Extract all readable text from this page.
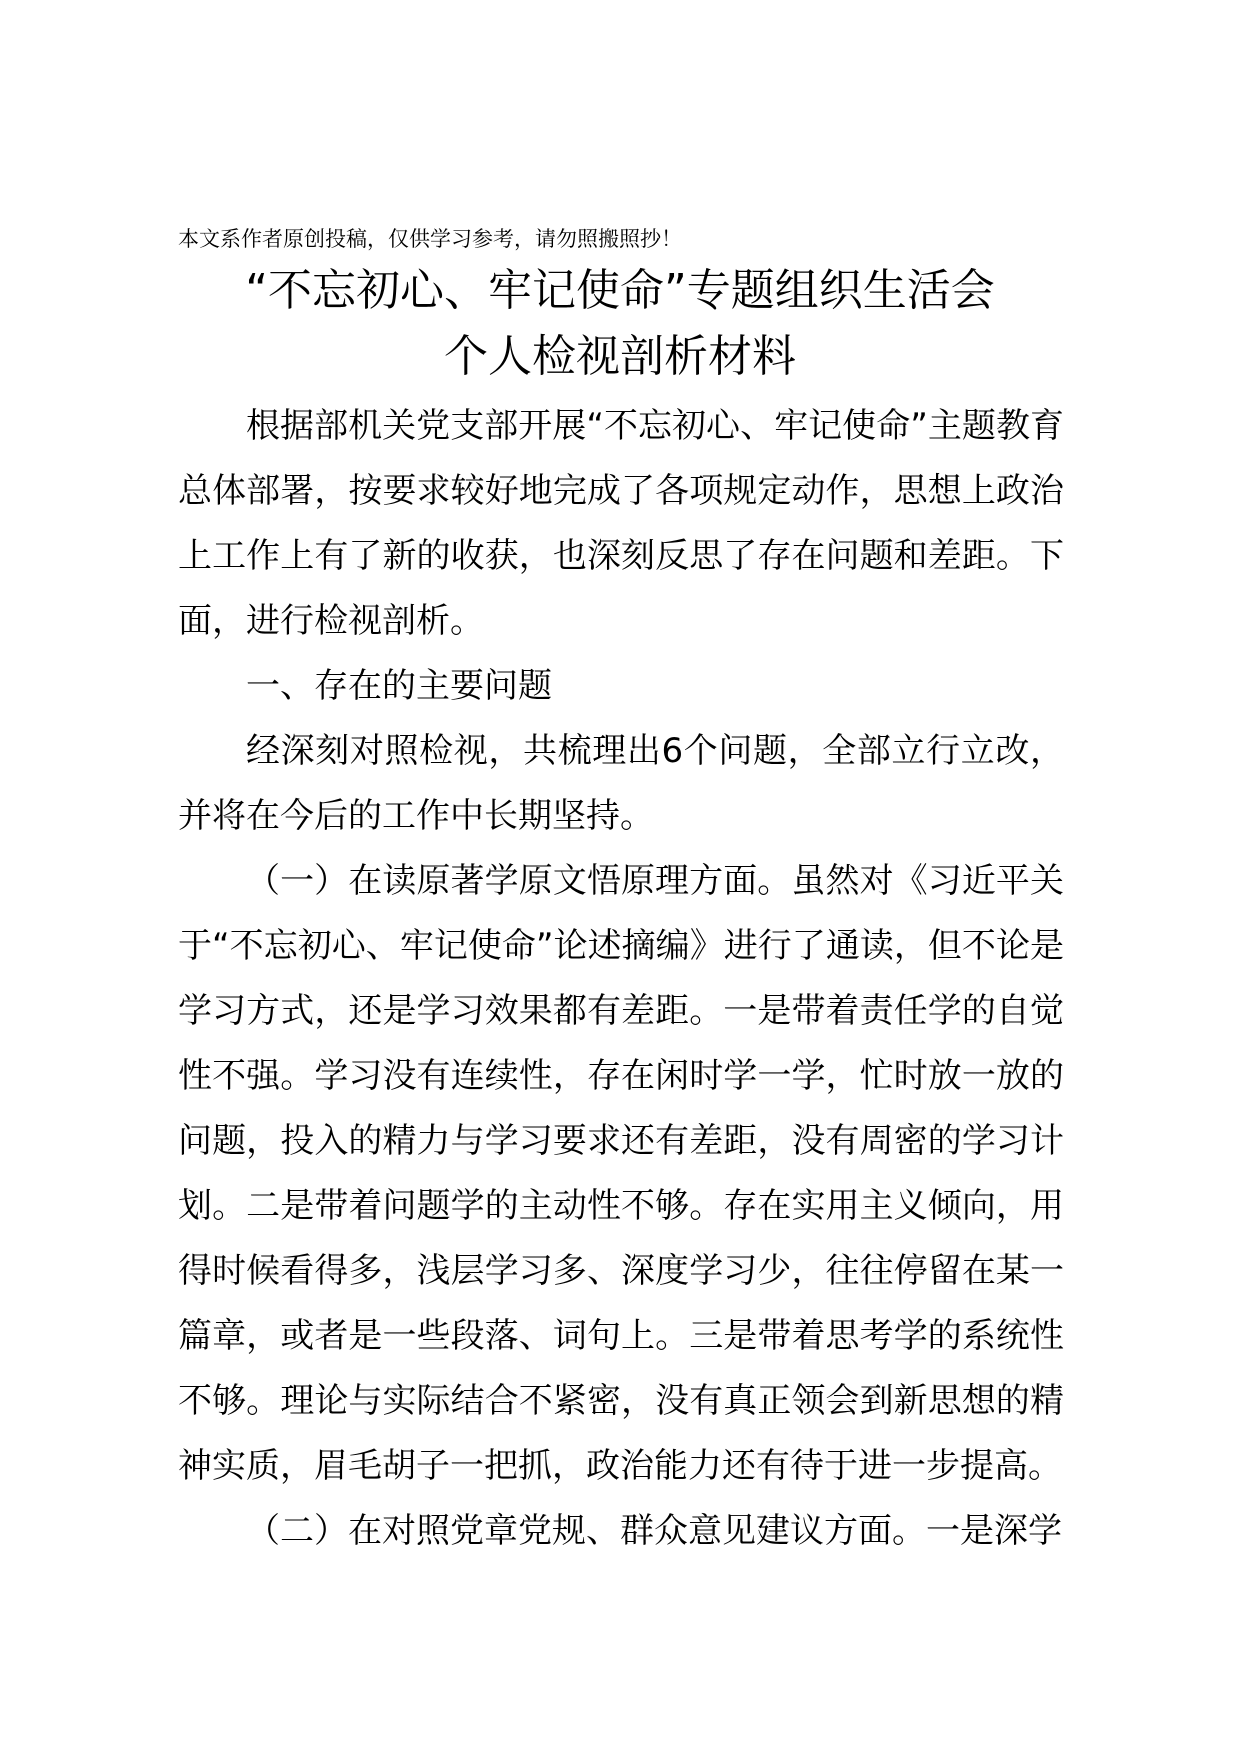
本文系作者原创投稿，仅供学习参考，请勿照搬照抄！
“不忘初心、牢记使命”专题组织生活会
个人检视剖析材料

根据部机关党支部开展“不忘初心、牢记使命”主题教育总体部署，按要求较好地完成了各项规定动作，思想上政治上工作上有了新的收获，也深刻反思了存在问题和差距。下面，进行检视剖析。

一、存在的主要问题

经深刻对照检视，共梳理出6个问题，全部立行立改，并将在今后的工作中长期坚持。

（一）在读原著学原文悟原理方面。虽然对《习近平关于“不忘初心、牢记使命”论述摘编》进行了通读，但不论是学习方式，还是学习效果都有差距。一是带着责任学的自觉性不强。学习没有连续性，存在闲时学一学，忙时放一放的问题，投入的精力与学习要求还有差距，没有周密的学习计划。二是带着问题学的主动性不够。存在实用主义倾向，用得时候看得多，浅层学习多、深度学习少，往往停留在某一篇章，或者是一些段落、词句上。三是带着思考学的系统性不够。理论与实际结合不紧密，没有真正领会到新思想的精神实质，眉毛胡子一把抓，政治能力还有待于进一步提高。

（二）在对照党章党规、群众意见建议方面。一是深学
